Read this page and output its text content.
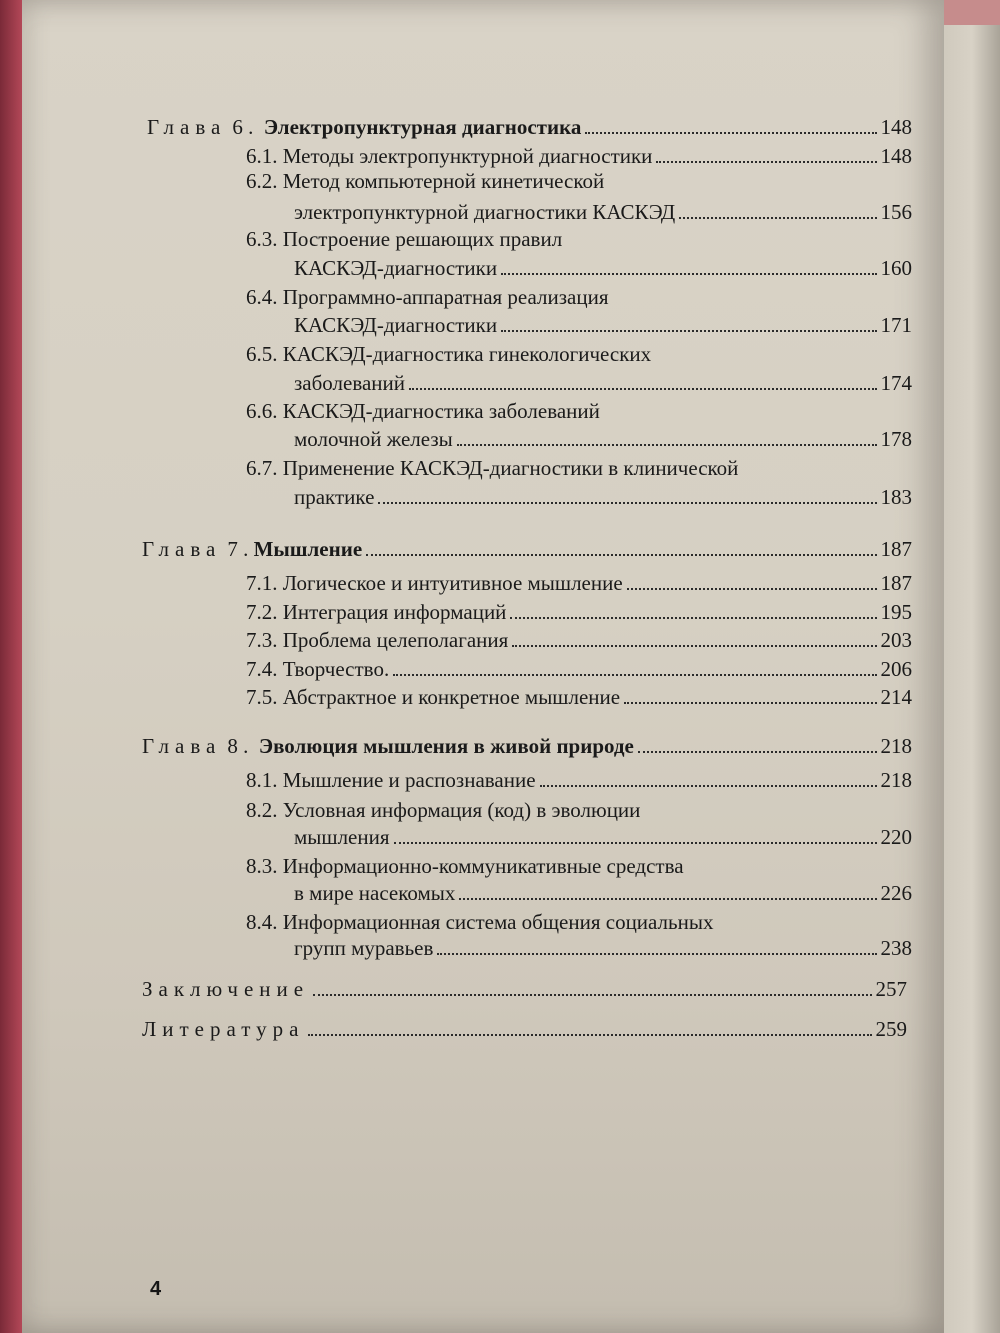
Глава 6 . Электропунктурная диагностика	148
6.1.
Методы электропунктурной диагностики	148
6.2. Метод компьютерной кинетической
электропунктурной диагностики КАСКЭД	156
6.3. Построение решающих правил
КАСКЭД-диагностики	160
6.4. Программно-аппаратная реализация
КАСКЭД-диагностики	171
6.5. КАСКЭД-диагностика гинекологических
заболеваний	174
6.6. КАСКЭД-диагностика заболеваний
молочной железы	178
6.7. Применение КАСКЭД-диагностики в клинической
практике	183
Глава 7 . Мышление	187
7.1.
Логическое и интуитивное мышление	187
7.2.
Интеграция информаций	195
7.3.
Проблема целеполагания	203
7.4.
Творчество.	206
7.5.
Абстрактное и конкретное мышление	214
Глава 8 . Эволюция мышления в живой природе	218
8.1.
Мышление и распознавание	218
8.2. Условная информация (код) в эволюции
мышления	220
8.3. Информационно-коммуникативные средства
в мире насекомых	226
8.4. Информационная система общения социальных
групп муравьев	238
Заключение	257
Литература	259
4
